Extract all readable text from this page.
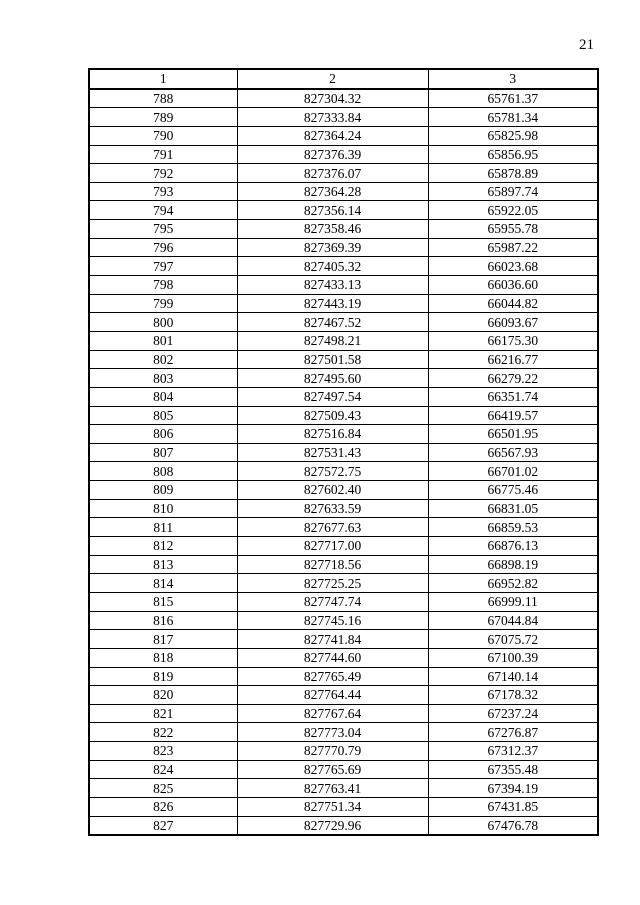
21
1	2	3
788	827304.32	65761.37
789	827333.84	65781.34
790	827364.24	65825.98
791	827376.39	65856.95
792	827376.07	65878.89
793	827364.28	65897.74
794	827356.14	65922.05
795	827358.46	65955.78
796	827369.39	65987.22
797	827405.32	66023.68
798	827433.13	66036.60
799	827443.19	66044.82
800	827467.52	66093.67
801	827498.21	66175.30
802	827501.58	66216.77
803	827495.60	66279.22
804	827497.54	66351.74
805	827509.43	66419.57
806	827516.84	66501.95
807	827531.43	66567.93
808	827572.75	66701.02
809	827602.40	66775.46
810	827633.59	66831.05
811	827677.63	66859.53
812	827717.00	66876.13
813	827718.56	66898.19
814	827725.25	66952.82
815	827747.74	66999.11
816	827745.16	67044.84
817	827741.84	67075.72
818	827744.60	67100.39
819	827765.49	67140.14
820	827764.44	67178.32
821	827767.64	67237.24
822	827773.04	67276.87
823	827770.79	67312.37
824	827765.69	67355.48
825	827763.41	67394.19
826	827751.34	67431.85
827	827729.96	67476.78
